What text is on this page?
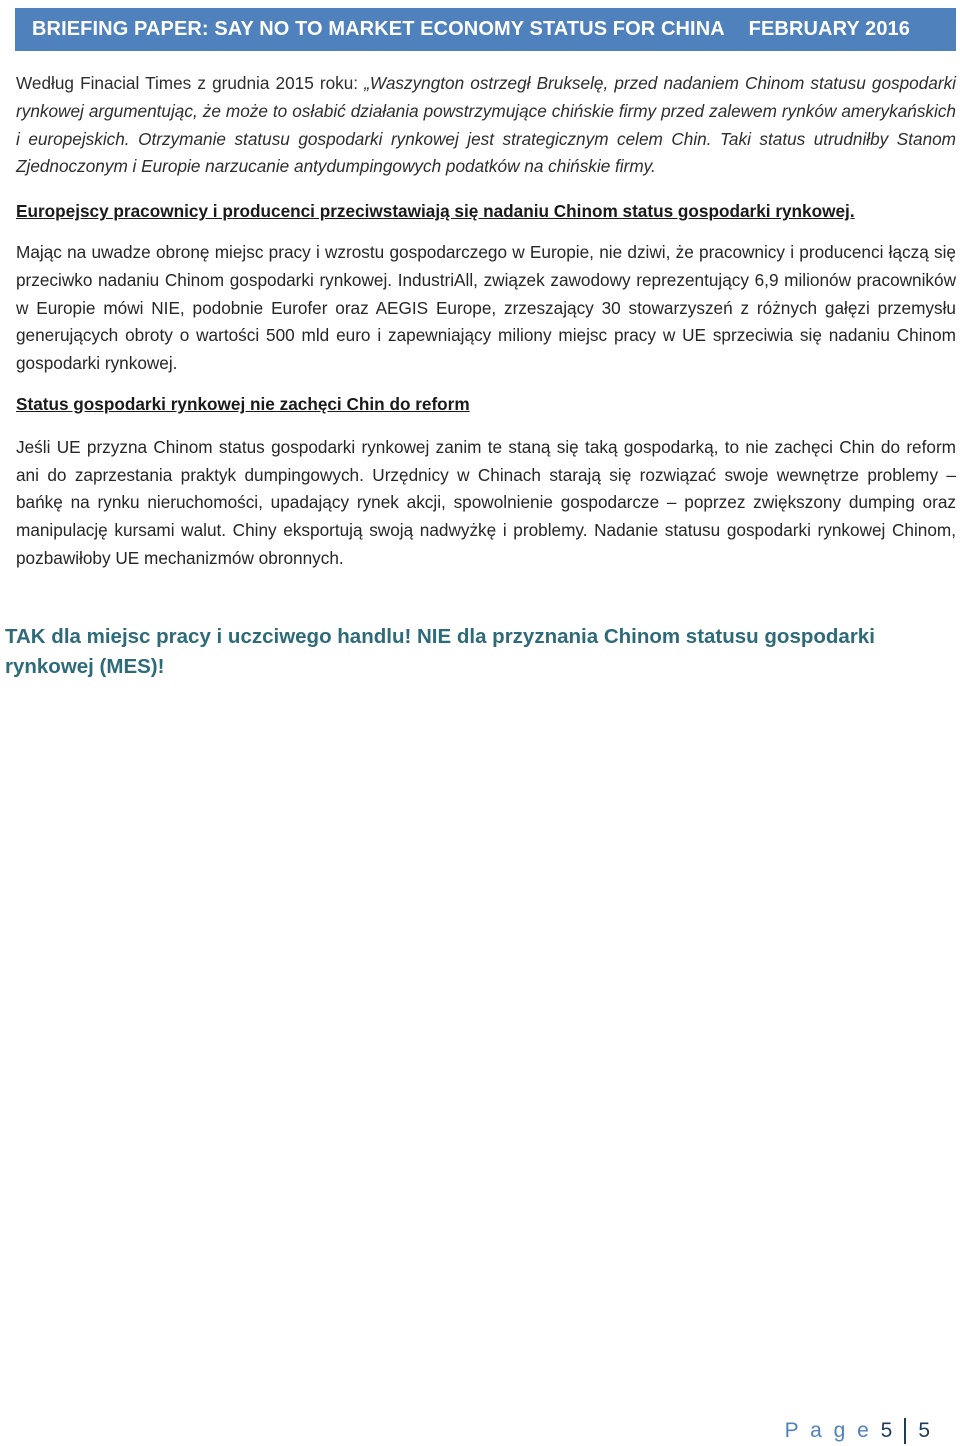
BRIEFING PAPER: SAY NO TO MARKET ECONOMY STATUS FOR CHINA FEBRUARY 2016

Według Finacial Times z grudnia 2015 roku: „Waszyngton ostrzegł Brukselę, przed nadaniem Chinom statusu gospodarki rynkowej argumentując, że może to osłabić działania powstrzymujące chińskie firmy przed zalewem rynków amerykańskich i europejskich. Otrzymanie statusu gospodarki rynkowej jest strategicznym celem Chin. Taki status utrudniłby Stanom Zjednoczonym i Europie narzucanie antydumpingowych podatków na chińskie firmy.

Europejscy pracownicy i producenci przeciwstawiają się nadaniu Chinom status gospodarki rynkowej.

Mając na uwadze obronę miejsc pracy i wzrostu gospodarczego w Europie, nie dziwi, że pracownicy i producenci łączą się przeciwko nadaniu Chinom gospodarki rynkowej. IndustriAll, związek zawodowy reprezentujący 6,9 milionów pracowników w Europie mówi NIE, podobnie Eurofer oraz AEGIS Europe, zrzeszający 30 stowarzyszeń z różnych gałęzi przemysłu generujących obroty o wartości 500 mld euro i zapewniający miliony miejsc pracy w UE sprzeciwia się nadaniu Chinom gospodarki rynkowej.

Status gospodarki rynkowej nie zachęci Chin do reform

Jeśli UE przyzna Chinom status gospodarki rynkowej zanim te staną się taką gospodarką, to nie zachęci Chin do reform ani do zaprzestania praktyk dumpingowych. Urzędnicy w Chinach starają się rozwiązać swoje wewnętrze problemy – bańkę na rynku nieruchomości, upadający rynek akcji, spowolnienie gospodarcze – poprzez zwiększony dumping oraz manipulację kursami walut. Chiny eksportują swoją nadwyżkę i problemy. Nadanie statusu gospodarki rynkowej Chinom, pozbawiłoby UE mechanizmów obronnych.

TAK dla miejsc pracy i uczciwego handlu! NIE dla przyznania Chinom statusu gospodarki rynkowej (MES)!

P a g e
5 5
